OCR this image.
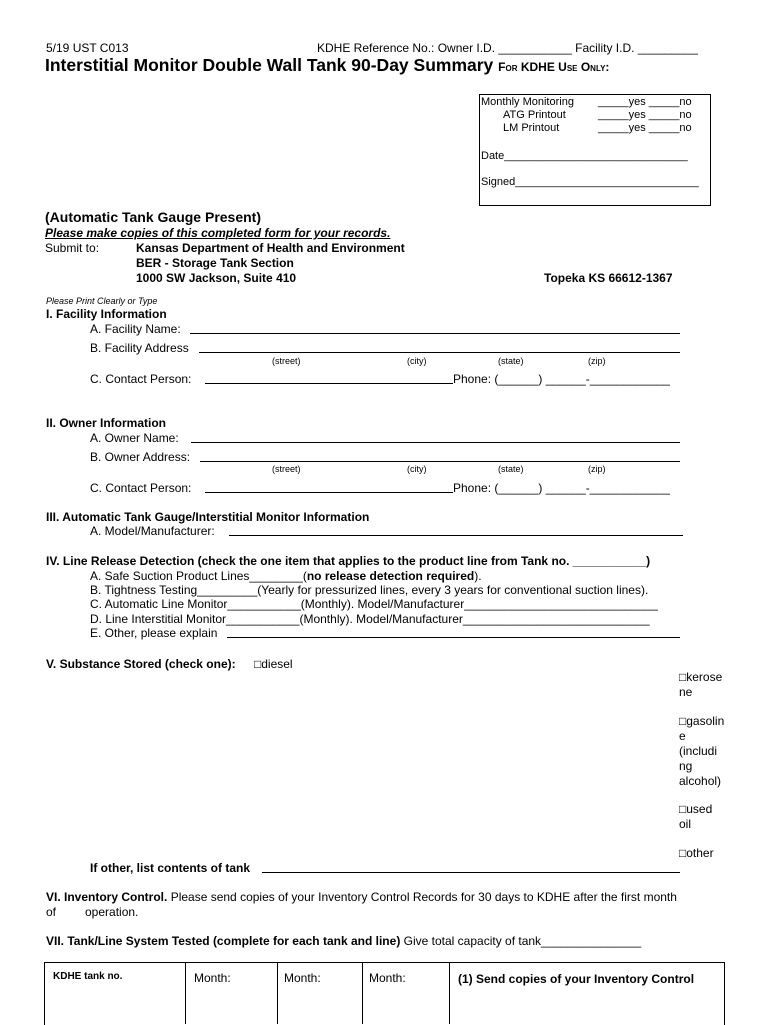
5/19 UST C013	KDHE Reference No.: Owner I.D. ___________ Facility I.D. _________
Interstitial Monitor Double Wall Tank 90-Day Summary For KDHE Use Only:
Monthly Monitoring _____yes _____no
ATG Printout	_____yes _____no
LM Printout	_____yes _____no
Date______________________________
Signed______________________________
(Automatic Tank Gauge Present)
Please make copies of this completed form for your records.
Submit to:	Kansas Department of Health and Environment
BER - Storage Tank Section
1000 SW Jackson, Suite 410	Topeka KS 66612-1367
Please Print Clearly or Type
I. Facility Information
A. Facility Name:
B. Facility Address
(street)	(city)	(state)	(zip)
C. Contact Person:	Phone: (______) ______-____________
II. Owner Information
A. Owner Name:
B. Owner Address:
(street)	(city)	(state)	(zip)
C. Contact Person:	Phone: (______) ______-____________
III. Automatic Tank Gauge/Interstitial Monitor Information
A. Model/Manufacturer:
IV. Line Release Detection (check the one item that applies to the product line from Tank no. ___________)
A. Safe Suction Product Lines________(no release detection required).
B. Tightness Testing_________(Yearly for pressurized lines, every 3 years for conventional suction lines).
C. Automatic Line Monitor___________(Monthly). Model/Manufacturer_____________________________
D. Line Interstitial Monitor___________(Monthly). Model/Manufacturer____________________________
E. Other, please explain
V. Substance Stored (check one): □diesel
□kerose
ne
□gasolin
e
(includi
ng
alcohol)
□used
oil
□other
If other, list contents of tank
VI. Inventory Control. Please send copies of your Inventory Control Records for 30 days to KDHE after the first month
of operation.
VII. Tank/Line System Tested (complete for each tank and line) Give total capacity of tank_______________
KDHE tank no.	Month:	Month:	Month:	(1) Send copies of your Inventory Control
